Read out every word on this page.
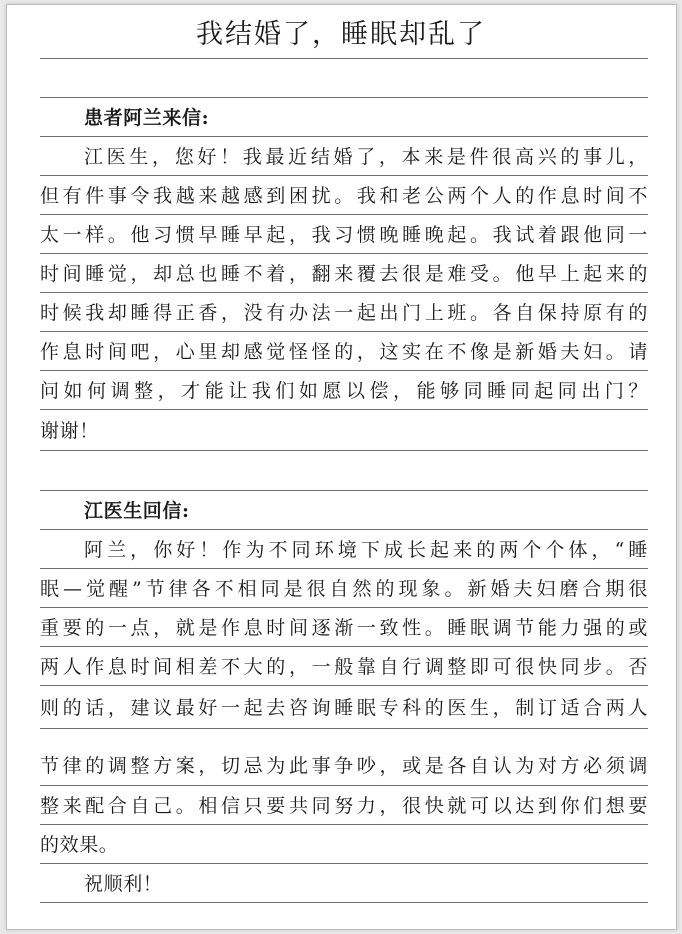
我结婚了，睡眠却乱了
患者阿兰来信:
江医生，您好！我最近结婚了，本来是件很高兴的事儿，
但有件事令我越来越感到困扰。我和老公两个人的作息时间不
太一样。他习惯早睡早起，我习惯晚睡晚起。我试着跟他同一
时间睡觉，却总也睡不着，翻来覆去很是难受。他早上起来的
时候我却睡得正香，没有办法一起出门上班。各自保持原有的
作息时间吧，心里却感觉怪怪的，这实在不像是新婚夫妇。请
问如何调整，才能让我们如愿以偿，能够同睡同起同出门？
谢谢！
江医生回信:
阿兰，你好！作为不同环境下成长起来的两个个体，“睡
眠—觉醒”节律各不相同是很自然的现象。新婚夫妇磨合期很
重要的一点，就是作息时间逐渐一致性。睡眠调节能力强的或
两人作息时间相差不大的，一般靠自行调整即可很快同步。否
则的话，建议最好一起去咨询睡眠专科的医生，制订适合两人
节律的调整方案，切忌为此事争吵，或是各自认为对方必须调
整来配合自己。相信只要共同努力，很快就可以达到你们想要
的效果。
祝顺利！
